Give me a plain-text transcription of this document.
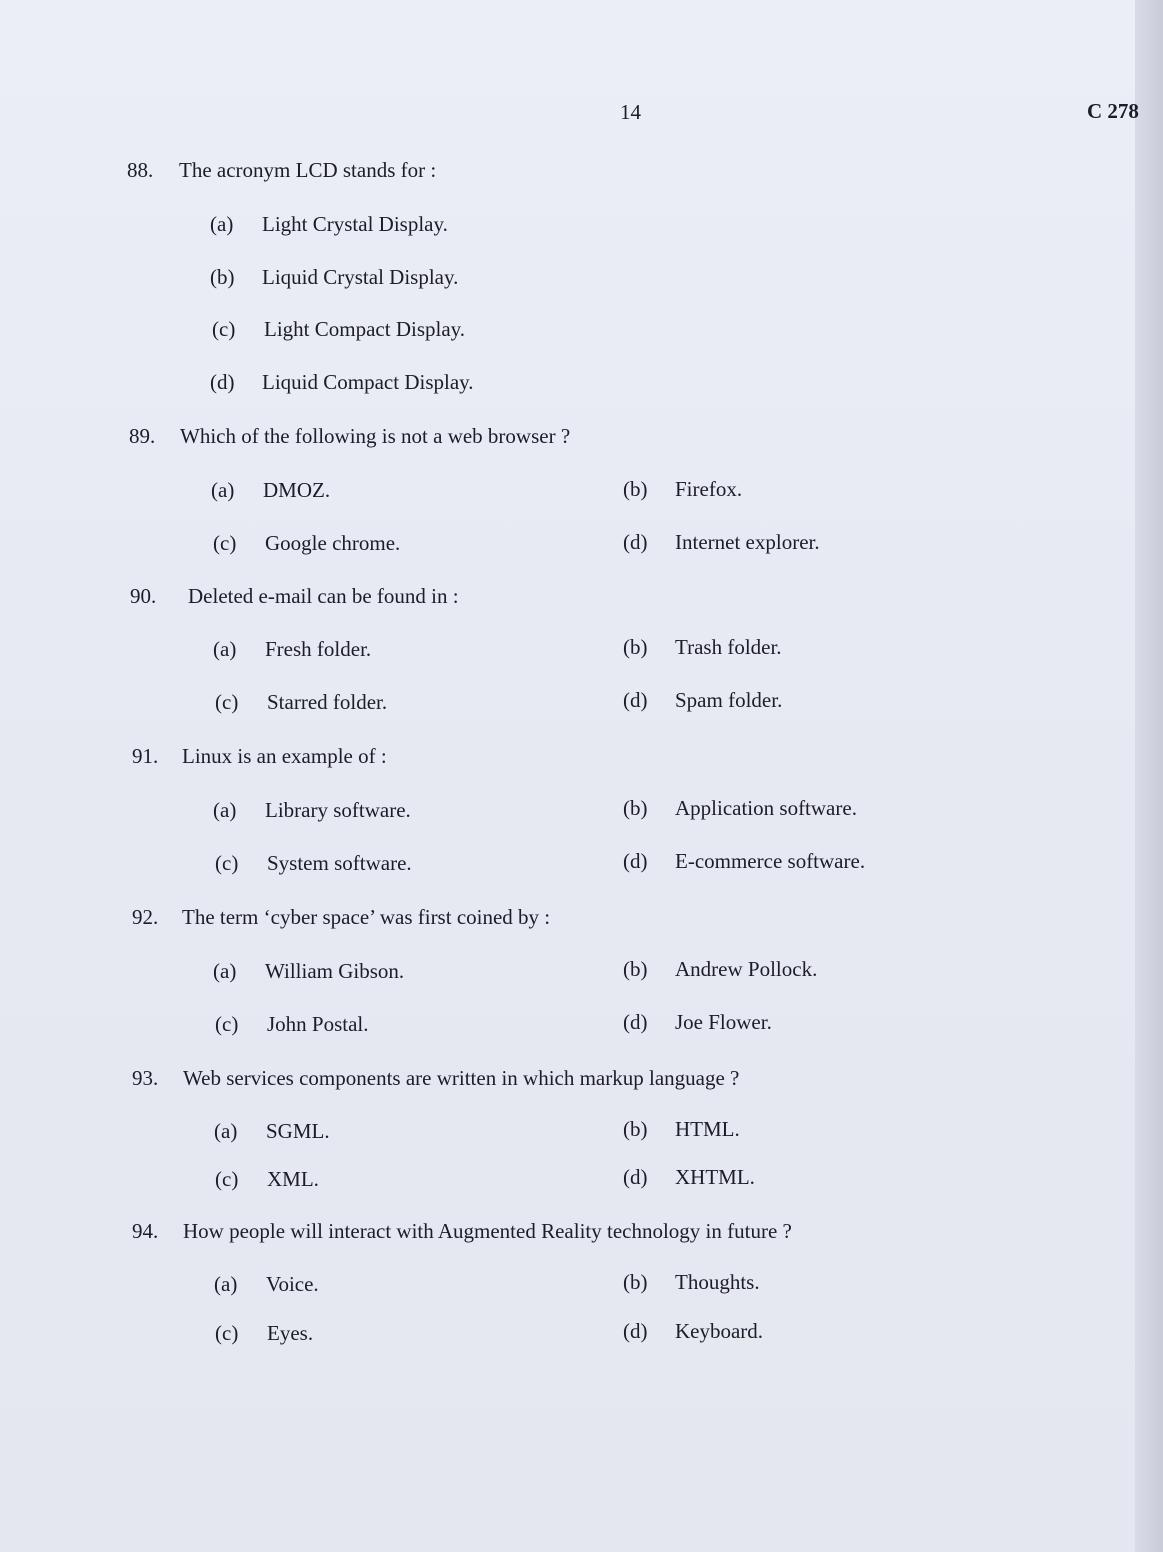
14	C 278
88. The acronym LCD stands for :
(a) Light Crystal Display.
(b) Liquid Crystal Display.
(c) Light Compact Display.
(d) Liquid Compact Display.
89. Which of the following is not a web browser ?
(a) DMOZ.	(b) Firefox.
(c) Google chrome.	(d) Internet explorer.
90. Deleted e-mail can be found in :
(a) Fresh folder.	(b) Trash folder.
(c) Starred folder.	(d) Spam folder.
91. Linux is an example of :
(a) Library software.	(b) Application software.
(c) System software.	(d) E-commerce software.
92. The term ‘cyber space’ was first coined by :
(a) William Gibson.	(b) Andrew Pollock.
(c) John Postal.	(d) Joe Flower.
93. Web services components are written in which markup language ?
(a) SGML.	(b) HTML.
(c) XML.	(d) XHTML.
94. How people will interact with Augmented Reality technology in future ?
(a) Voice.	(b) Thoughts.
(c) Eyes.	(d) Keyboard.
